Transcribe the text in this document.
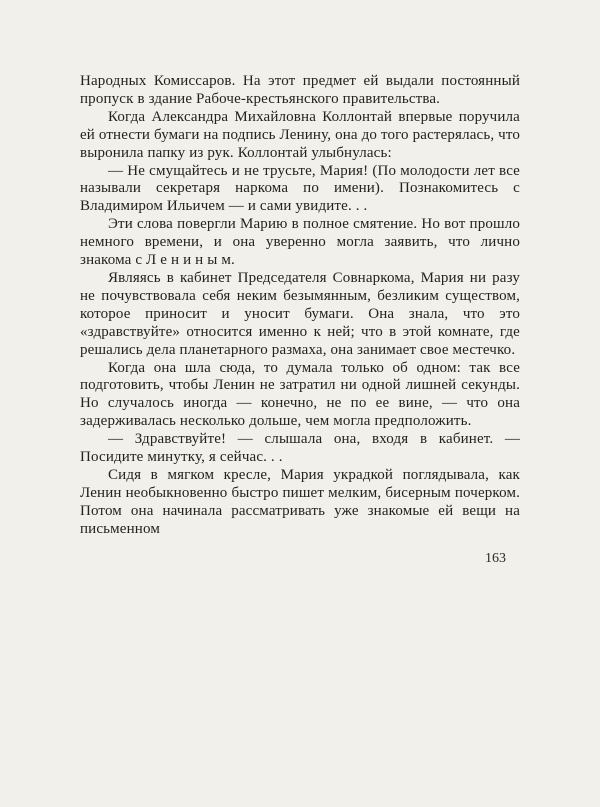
Народных Комиссаров. На этот предмет ей выдали постоянный пропуск в здание Рабоче-крестьянского правительства.

Когда Александра Михайловна Коллонтай впервые поручила ей отнести бумаги на подпись Ленину, она до того растерялась, что выронила папку из рук. Коллонтай улыбнулась:

— Не смущайтесь и не трусьте, Мария! (По молодости лет все называли секретаря наркома по имени). Познакомитесь с Владимиром Ильичем — и сами увидите. . .

Эти слова повергли Марию в полное смятение. Но вот прошло немного времени, и она уверенно могла заявить, что лично знакома с Л е н и н ы м.

Являясь в кабинет Председателя Совнаркома, Мария ни разу не почувствовала себя неким безымянным, безликим существом, которое приносит и уносит бумаги. Она знала, что это «здравствуйте» относится именно к ней; что в этой комнате, где решались дела планетарного размаха, она занимает свое местечко.

Когда она шла сюда, то думала только об одном: так все подготовить, чтобы Ленин не затратил ни одной лишней секунды. Но случалось иногда — конечно, не по ее вине, — что она задерживалась несколько дольше, чем могла предположить.

— Здравствуйте! — слышала она, входя в кабинет. — Посидите минутку, я сейчас. . .

Сидя в мягком кресле, Мария украдкой поглядывала, как Ленин необыкновенно быстро пишет мелким, бисерным почерком. Потом она начинала рассматривать уже знакомые ей вещи на письменном

163
